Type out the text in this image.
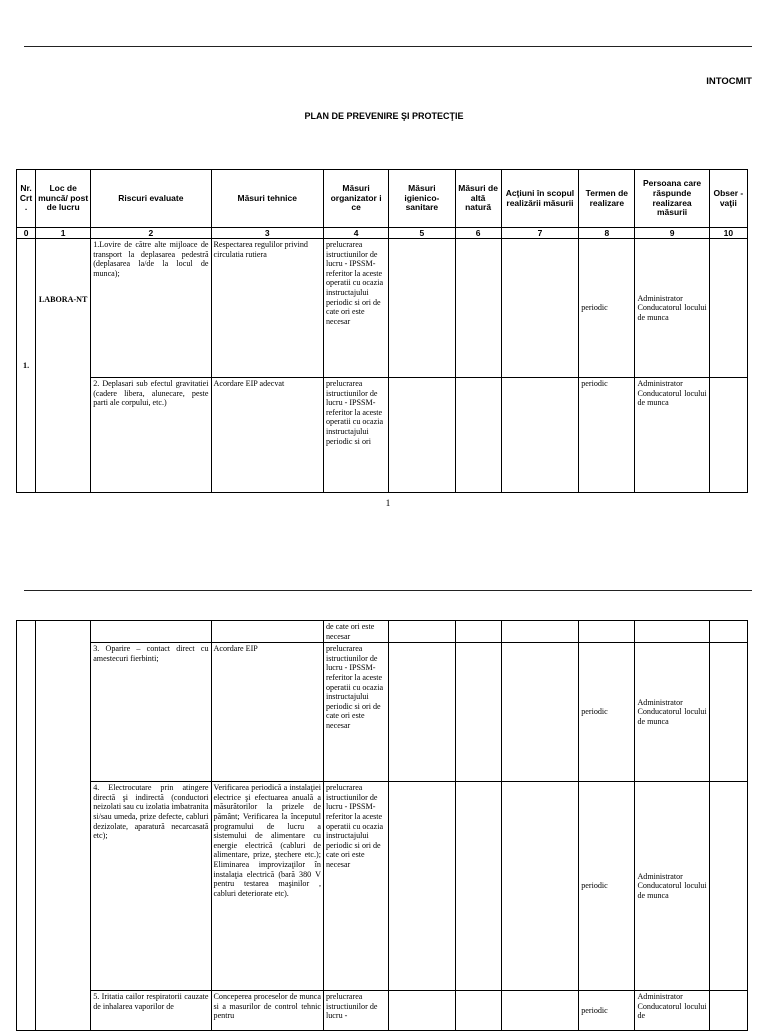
INTOCMIT
PLAN DE PREVENIRE ŞI PROTECŢIE
Nr. Crt .	Loc de muncă/ post de lucru	Riscuri evaluate	Măsuri tehnice	Măsuri organizator i ce	Măsuri igienico-sanitare	Măsuri de altă natură	Acţiuni în scopul realizării măsurii	Termen de realizare	Persoana care răspunde realizarea măsurii	Obser -vaţii
0	1	2	3	4	5	6	7	8	9	10
1.	LABORA-NT	1.Lovire de către alte mijloace de transport la deplasarea pedestră (deplasarea la/de la locul de munca);	Respectarea regulilor privind circulatia rutiera	prelucrarea istructiunilor de lucru - IPSSM-referitor la aceste operatii cu ocazia instructajului periodic si ori de cate ori este necesar				periodic	Administrator Conducatorul locului de munca	
		2. Deplasari sub efectul gravitatiei (cadere libera, alunecare, peste parti ale corpului, etc.)	Acordare EIP adecvat	prelucrarea istructiunilor de lucru - IPSSM-referitor la aceste operatii cu ocazia instructajului periodic si ori				periodic	Administrator Conducatorul locului de munca	
1
				de cate ori este necesar						
		3. Oparire – contact direct cu amestecuri fierbinti;	Acordare EIP	prelucrarea istructiunilor de lucru - IPSSM-referitor la aceste operatii cu ocazia instructajului periodic si ori de cate ori este necesar				periodic	Administrator Conducatorul locului de munca	
		4. Electrocutare prin atingere directă şi indirectă (conductori neizolati sau cu izolatia imbatranita si/sau umeda, prize defecte, cabluri dezizolate, aparatură necarcasată etc);	Verificarea periodică a instalaţiei electrice şi efectuarea anuală a măsurătorilor la prizele de pământ; Verificarea la începutul programului de lucru a sistemului de alimentare cu energie electrică (cabluri de alimentare, prize, ştechere etc.); Eliminarea improvizaţilor în instalaţia electrică (bară 380 V pentru testarea maşinilor , cabluri deteriorate etc).	prelucrarea istructiunilor de lucru - IPSSM-referitor la aceste operatii cu ocazia instructajului periodic si ori de cate ori este necesar				periodic	Administrator Conducatorul locului de munca	
		5. Iritatia cailor respiratorii cauzate de inhalarea vaporilor de	Conceperea proceselor de munca si a masurilor de control tehnic pentru	prelucrarea istructiunilor de lucru -				periodic	Administrator Conducatorul locului de	
